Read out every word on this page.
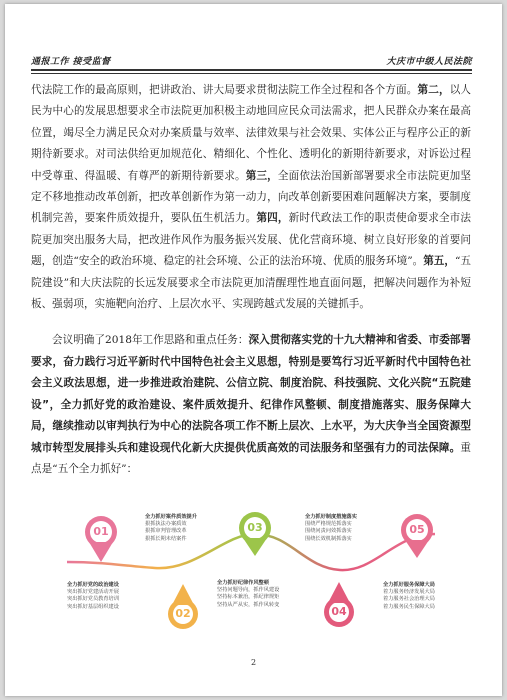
通报工作 接受监督	大庆市中级人民法院

代法院工作的最高原则，把讲政治、讲大局要求贯彻法院工作全过程和各个方面。第二，以人民为中心的发展思想要求全市法院更加积极主动地回应民众司法需求，把人民群众办案在最高位置，竭尽全力满足民众对办案质量与效率、法律效果与社会效果、实体公正与程序公正的新期待新要求。对司法供给更加规范化、精细化、个性化、透明化的新期待新要求，对诉讼过程中受尊重、得温暖、有尊严的新期待新要求。第三，全面依法治国新部署要求全市法院更加坚定不移地推动改革创新，把改革创新作为第一动力，向改革创新要困难问题解决方案，要制度机制完善，要案件质效提升，要队伍生机活力。第四，新时代政法工作的职责使命要求全市法院更加突出服务大局，把改进作风作为服务振兴发展、优化营商环境、树立良好形象的首要问题，创造“安全的政治环境、稳定的社会环境、公正的法治环境、优质的服务环境”。第五，“五院建设”和大庆法院的长远发展要求全市法院更加清醒理性地直面问题，把解决问题作为补短板、强弱项，实施靶向治疗、上层次水平、实现跨越式发展的关键抓手。

会议明确了2018年工作思路和重点任务：深入贯彻落实党的十九大精神和省委、市委部署要求，奋力践行习近平新时代中国特色社会主义思想，特别是要笃行习近平新时代中国特色社会主义政法思想，进一步推进政治建院、公信立院、制度治院、科技强院、文化兴院“五院建设”，全力抓好党的政治建设、案件质效提升、纪律作风整顿、制度措施落实、服务保障大局，继续推动以审判执行为中心的法院各项工作不断上层次、上水平，为大庆争当全国资源型城市转型发展排头兵和建设现代化新大庆提供优质高效的司法服务和坚强有力的司法保障。重点是“五个全力抓好”：

01
02
03
04
05
全力抓好案件质效提升
狠抓执法办案质效
狠抓审判管理改革
狠抓长期未结案件
全力抓好制度措施落实
围绕严格规范抓落实
围绕问责问效抓落实
围绕长效机制抓落实
全力抓好党的政治建设
突出抓好党建活动开展
突出抓好党员教育培训
突出抓好基层组织建设
全力抓好纪律作风整顿
坚持问题导向，抓作风建设
坚持标本兼治，抓纪律规矩
坚持从严从实，抓作风转变
全力抓好服务保障大局
着力服务经济发展大局
着力服务社会治理大局
着力服务民生保障大局
2
